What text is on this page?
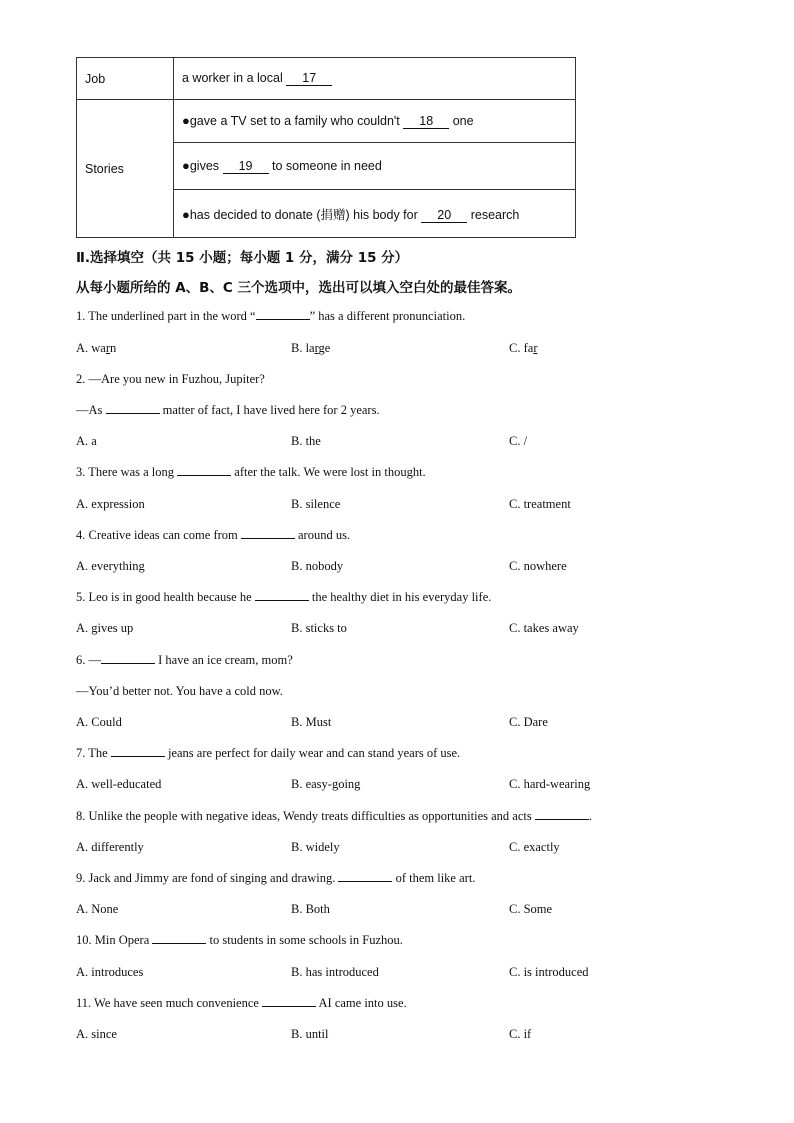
Job	a worker in a local 17
Stories	●gave a TV set to a family who couldn't 18 one
	●gives 19 to someone in need
	●has decided to donate (捐赠) his body for 20 research
Ⅱ.选择填空（共 15 小题；每小题 1 分，满分 15 分）
从每小题所给的 A、B、C 三个选项中，选出可以填入空白处的最佳答案。
1. The underlined part in the word “	” has a different pronunciation.
A. warn	B. large	C. far
2. —Are you new in Fuzhou, Jupiter?
—As	matter of fact, I have lived here for 2 years.
A. a	B. the	C. /
3. There was a long	after the talk. We were lost in thought.
A. expression	B. silence	C. treatment
4. Creative ideas can come from	around us.
A. everything	B. nobody	C. nowhere
5. Leo is in good health because he	the healthy diet in his everyday life.
A. gives up	B. sticks to	C. takes away
6. —	I have an ice cream, mom?
—You’d better not. You have a cold now.
A. Could	B. Must	C. Dare
7. The	jeans are perfect for daily wear and can stand years of use.
A. well-educated	B. easy-going	C. hard-wearing
8. Unlike the people with negative ideas, Wendy treats difficulties as opportunities and acts	.
A. differently	B. widely	C. exactly
9. Jack and Jimmy are fond of singing and drawing.	of them like art.
A. None	B. Both	C. Some
10. Min Opera	to students in some schools in Fuzhou.
A. introduces	B. has introduced	C. is introduced
11. We have seen much convenience	AI came into use.
A. since	B. until	C. if
